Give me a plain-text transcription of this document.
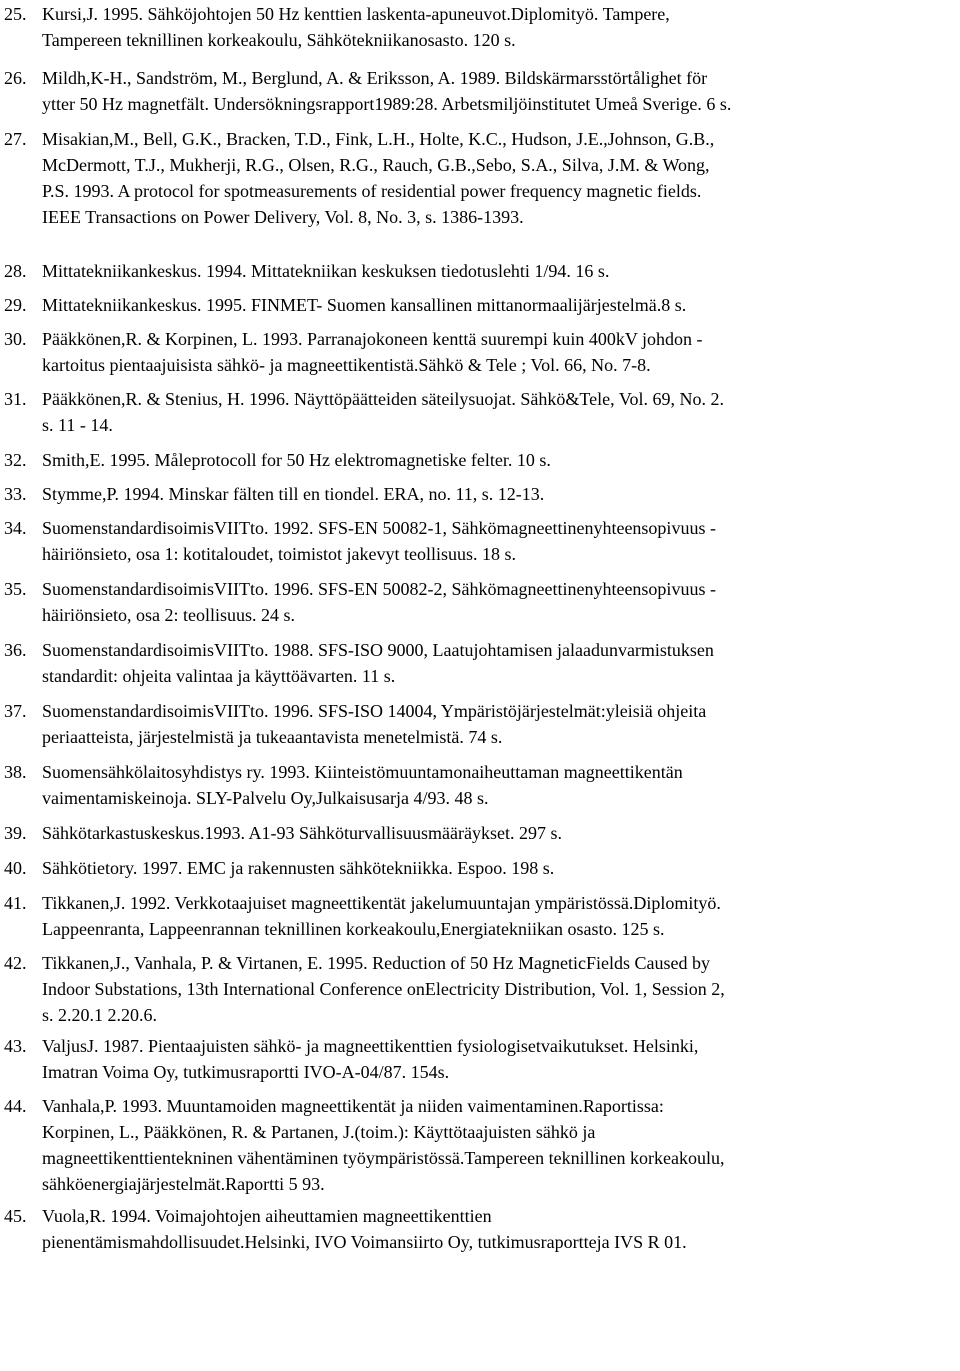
25. Kursi,J. 1995. Sähköjohtojen 50 Hz kenttien laskenta-apuneuvot.Diplomityö. Tampere,
Tampereen teknillinen korkeakoulu, Sähkötekniikanosasto. 120 s.
26. Mildh,K-H., Sandström, M., Berglund, A. & Eriksson, A. 1989. Bildskärmarsstörtålighet för
ytter 50 Hz magnetfält. Undersökningsrapport1989:28. Arbetsmiljöinstitutet Umeå Sverige. 6 s.
27. Misakian,M., Bell, G.K., Bracken, T.D., Fink, L.H., Holte, K.C., Hudson, J.E.,Johnson, G.B.,
McDermott, T.J., Mukherji, R.G., Olsen, R.G., Rauch, G.B.,Sebo, S.A., Silva, J.M. & Wong,
P.S. 1993. A protocol for spotmeasurements of residential power frequency magnetic fields.
IEEE Transactions on Power Delivery, Vol. 8, No. 3, s. 1386-1393.
28. Mittatekniikankeskus. 1994. Mittatekniikan keskuksen tiedotuslehti 1/94. 16 s.
29. Mittatekniikankeskus. 1995. FINMET- Suomen kansallinen mittanormaalijärjestelmä.8 s.
30. Pääkkönen,R. & Korpinen, L. 1993. Parranajokoneen kenttä suurempi kuin 400kV johdon -
kartoitus pientaajuisista sähkö- ja magneettikentistä.Sähkö & Tele ; Vol. 66, No. 7-8.
31. Pääkkönen,R. & Stenius, H. 1996. Näyttöpäätteiden säteilysuojat. Sähkö&Tele, Vol. 69, No. 2.
s. 11 - 14.
32. Smith,E. 1995. Måleprotocoll for 50 Hz elektromagnetiske felter. 10 s.
33. Stymme,P. 1994. Minskar fälten till en tiondel. ERA, no. 11, s. 12-13.
34. SuomenstandardisoimisVIITto. 1992. SFS-EN 50082-1, Sähkömagneettinenyhteensopivuus -
häiriönsieto, osa 1: kotitaloudet, toimistot jakevyt teollisuus. 18 s.
35. SuomenstandardisoimisVIITto. 1996. SFS-EN 50082-2, Sähkömagneettinenyhteensopivuus -
häiriönsieto, osa 2: teollisuus. 24 s.
36. SuomenstandardisoimisVIITto. 1988. SFS-ISO 9000, Laatujohtamisen jalaadunvarmistuksen
standardit: ohjeita valintaa ja käyttöävarten. 11 s.
37. SuomenstandardisoimisVIITto. 1996. SFS-ISO 14004, Ympäristöjärjestelmät:yleisiä ohjeita
periaatteista, järjestelmistä ja tukeaantavista menetelmistä. 74 s.
38. Suomensähkölaitosyhdistys ry. 1993. Kiinteistömuuntamonaiheuttaman magneettikentän
vaimentamiskeinoja. SLY-Palvelu Oy,Julkaisusarja 4/93. 48 s.
39. Sähkötarkastuskeskus.1993. A1-93 Sähköturvallisuusmääräykset. 297 s.
40. Sähkötietory. 1997. EMC ja rakennusten sähkötekniikka. Espoo. 198 s.
41. Tikkanen,J. 1992. Verkkotaajuiset magneettikentät jakelumuuntajan ympäristössä.Diplomityö.
Lappeenranta, Lappeenrannan teknillinen korkeakoulu,Energiatekniikan osasto. 125 s.
42. Tikkanen,J., Vanhala, P. & Virtanen, E. 1995. Reduction of 50 Hz MagneticFields Caused by
Indoor Substations, 13th International Conference onElectricity Distribution, Vol. 1, Session 2,
s. 2.20.1 2.20.6.
43. ValjusJ. 1987. Pientaajuisten sähkö- ja magneettikenttien fysiologisetvaikutukset. Helsinki,
Imatran Voima Oy, tutkimusraportti IVO-A-04/87. 154s.
44. Vanhala,P. 1993. Muuntamoiden magneettikentät ja niiden vaimentaminen.Raportissa:
Korpinen, L., Pääkkönen, R. & Partanen, J.(toim.): Käyttötaajuisten sähkö ja
magneettikenttientekninen vähentäminen työympäristössä.Tampereen teknillinen korkeakoulu,
sähköenergiajärjestelmät.Raportti 5 93.
45. Vuola,R. 1994. Voimajohtojen aiheuttamien magneettikenttien
pienentämismahdollisuudet.Helsinki, IVO Voimansiirto Oy, tutkimusraportteja IVS R 01.
